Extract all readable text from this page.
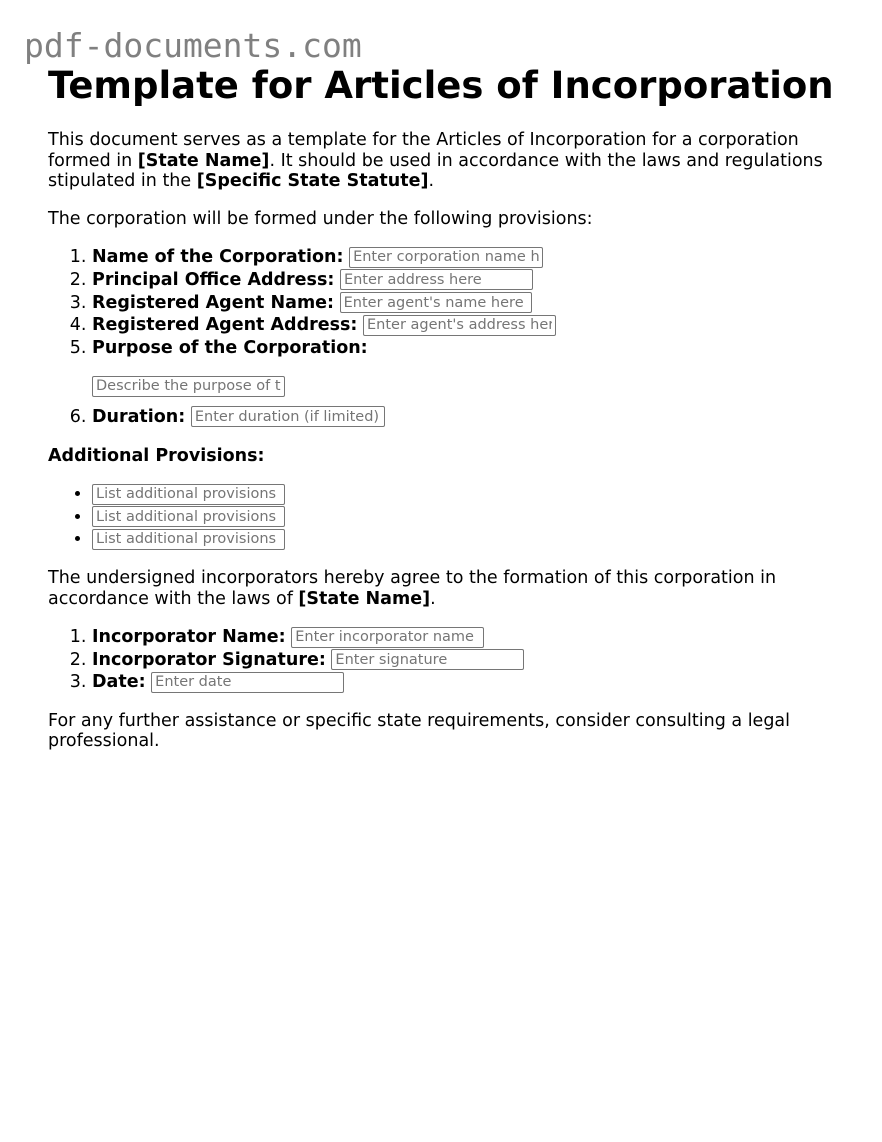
pdf-documents.com
Template for Articles of Incorporation

This document serves as a template for the Articles of Incorporation for a corporation formed in [State Name]. It should be used in accordance with the laws and regulations stipulated in the [Specific State Statute].

The corporation will be formed under the following provisions:

1. Name of the Corporation: Enter corporation name here
2. Principal Office Address: Enter address here
3. Registered Agent Name: Enter agent's name here
4. Registered Agent Address: Enter agent's address here
5. Purpose of the Corporation:
Describe the purpose of the corporation
6. Duration: Enter duration (if limited)

Additional Provisions:

• List additional provisions or terms
• List additional provisions or terms
• List additional provisions or terms

The undersigned incorporators hereby agree to the formation of this corporation in accordance with the laws of [State Name].

1. Incorporator Name: Enter incorporator name
2. Incorporator Signature: Enter signature
3. Date: Enter date

For any further assistance or specific state requirements, consider consulting a legal professional.
